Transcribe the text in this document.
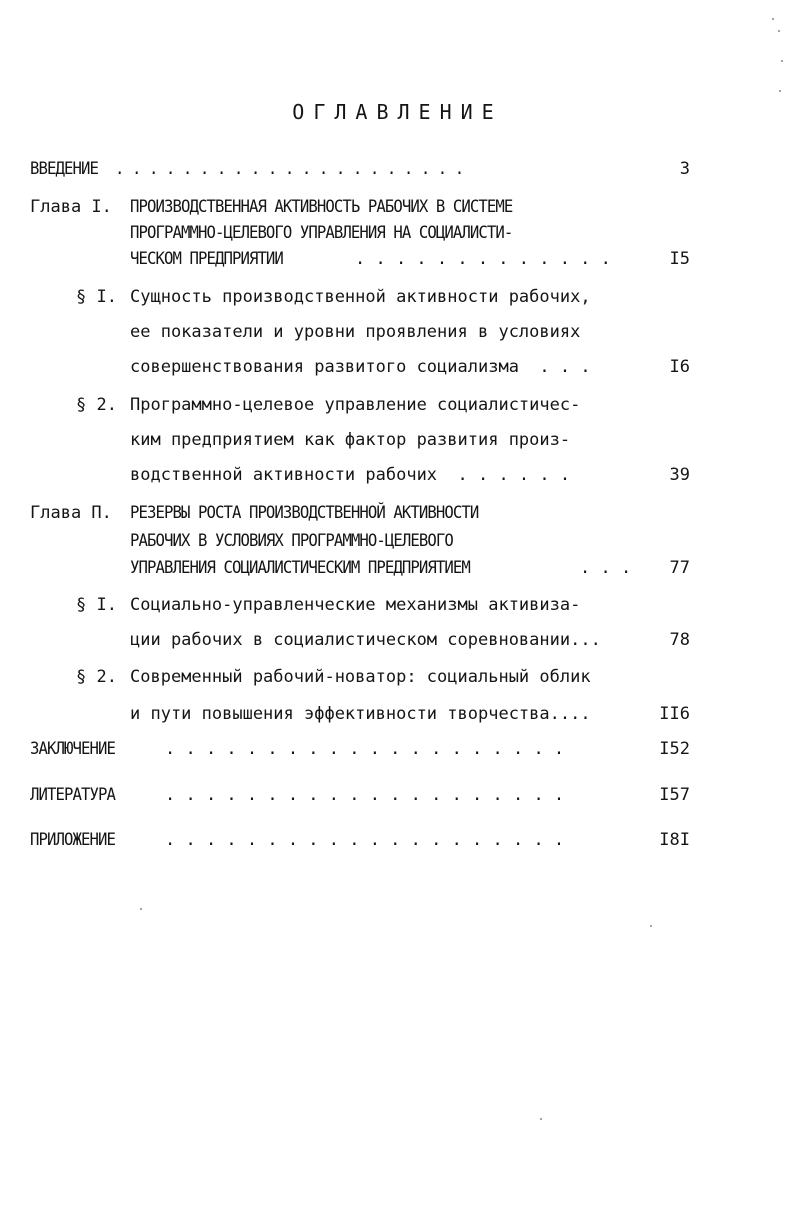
ОГЛАВЛЕНИЕ
ВВЕДЕНИЕ  . . . . . . . . . . . . . . . . . . . . .	3
Глава I. ПРОИЗВОДСТВЕННАЯ АКТИВНОСТЬ РАБОЧИХ В СИСТЕМЕ
ПРОГРАММНО-ЦЕЛЕВОГО УПРАВЛЕНИЯ НА СОЦИАЛИСТИ-
ЧЕСКОМ ПРЕДПРИЯТИИ	. . . . . . . . . . . . .	I5
§ I. Сущность производственной активности рабочих,
ее показатели и уровни проявления в условиях
совершенствования развитого социализма  . . .	I6
§ 2. Программно-целевое управление социалистичес-
ким предприятием как фактор развития произ-
водственной активности рабочих  . . . . . .	39
Глава П. РЕЗЕРВЫ РОСТА ПРОИЗВОДСТВЕННОЙ АКТИВНОСТИ
РАБОЧИХ В УСЛОВИЯХ ПРОГРАММНО-ЦЕЛЕВОГО
УПРАВЛЕНИЯ СОЦИАЛИСТИЧЕСКИМ ПРЕДПРИЯТИЕМ	. . .	77
§ I. Социально-управленческие механизмы активиза-
ции рабочих в социалистическом соревновании...	78
§ 2. Современный рабочий-новатор: социальный облик
и пути повышения эффективности творчества....	II6
ЗАКЛЮЧЕНИЕ	. . . . . . . . . . . . . . . . . . . .	I52
ЛИТЕРАТУРА	. . . . . . . . . . . . . . . . . . . .	I57
ПРИЛОЖЕНИЕ	. . . . . . . . . . . . . . . . . . . .	I8I
